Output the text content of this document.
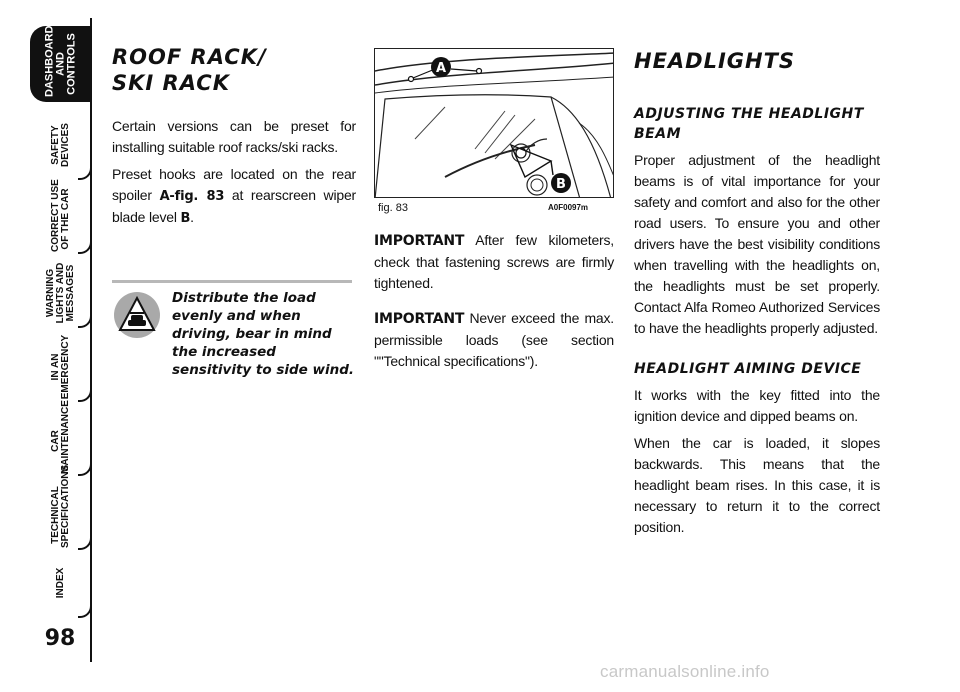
DASHBOARD AND CONTROLS
SAFETY DEVICES
CORRECT USE OF THE CAR
WARNING LIGHTS AND MESSAGES
IN AN EMERGENCY
CAR MAINTENANCE
TECHNICAL SPECIFICATIONS
INDEX
98
ROOF RACK/
SKI RACK

Certain versions can be preset for installing suitable roof racks/ski racks.

Preset hooks are located on the rear spoiler A-fig. 83 at rearscreen wiper blade level B.

Distribute the load evenly and when driving, bear in mind the increased sensitivity to side wind.
A
B
fig. 83	A0F0097m

IMPORTANT After few kilometers, check that fastening screws are firmly tightened.

IMPORTANT Never exceed the max. permissible loads (see section ""Technical specifications").

HEADLIGHTS
ADJUSTING THE HEADLIGHT
BEAM

Proper adjustment of the headlight beams is of vital importance for your safety and comfort and also for the other road users. To ensure you and other drivers have the best visibility conditions when travelling with the headlights on, the headlights must be set properly. Contact Alfa Romeo Authorized Services to have the headlights properly adjusted.

HEADLIGHT AIMING DEVICE

It works with the key fitted into the ignition device and dipped beams on.

When the car is loaded, it slopes backwards. This means that the headlight beam rises. In this case, it is necessary to return it to the correct position.

carmanualsonline.info
